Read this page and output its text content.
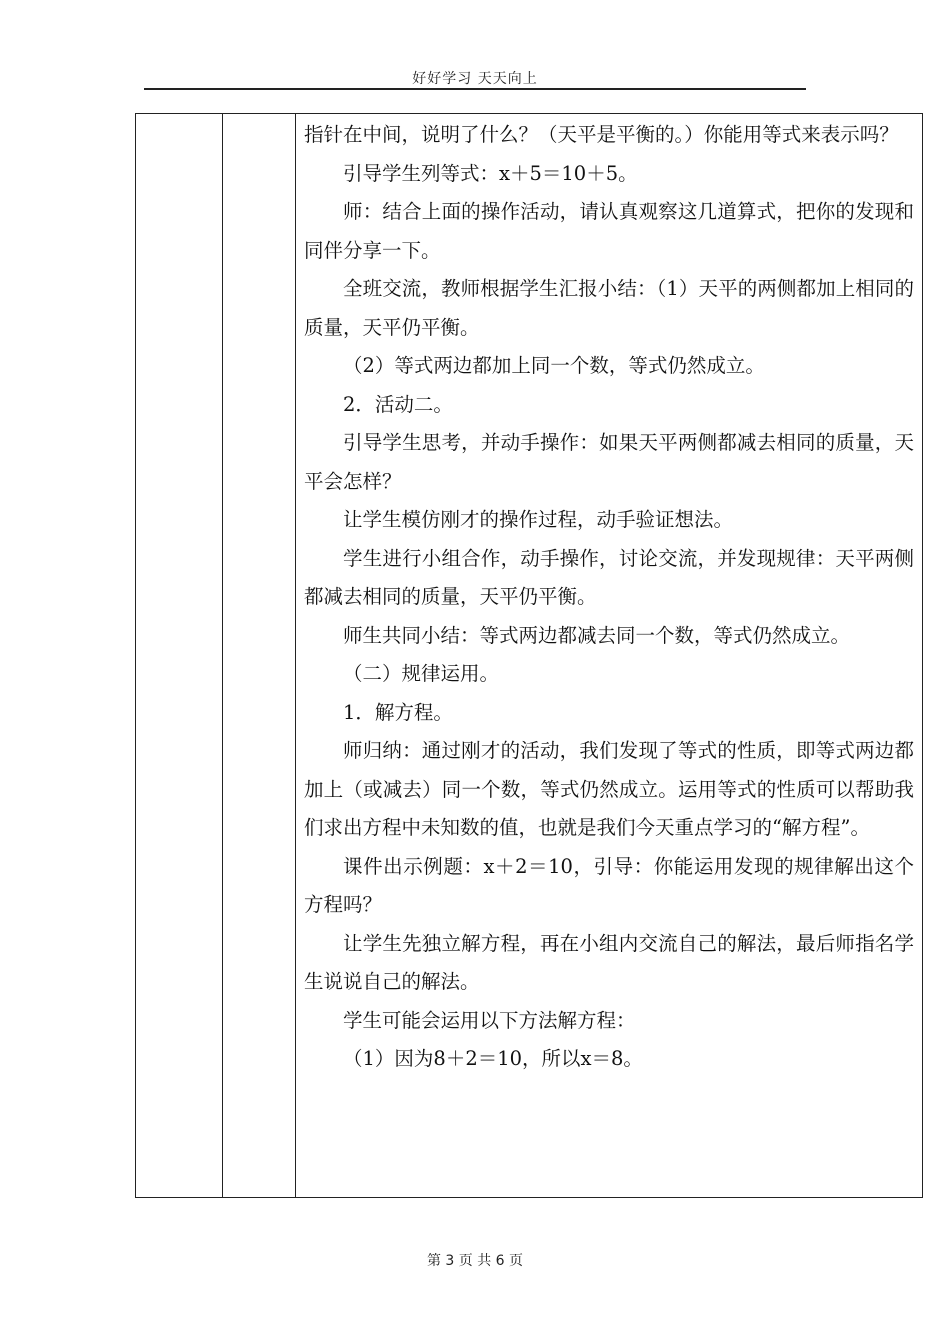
好好学习 天天向上

指针在中间，说明了什么？（天平是平衡的。）你能用等式来表示吗？

引导学生列等式：x＋5＝10＋5。

师：结合上面的操作活动，请认真观察这几道算式，把你的发现和同伴分享一下。

全班交流，教师根据学生汇报小结：（1）天平的两侧都加上相同的质量，天平仍平衡。

（2）等式两边都加上同一个数，等式仍然成立。

2．活动二。

引导学生思考，并动手操作：如果天平两侧都减去相同的质量，天平会怎样？

让学生模仿刚才的操作过程，动手验证想法。

学生进行小组合作，动手操作，讨论交流，并发现规律：天平两侧都减去相同的质量，天平仍平衡。

师生共同小结：等式两边都减去同一个数，等式仍然成立。

（二）规律运用。

1．解方程。

师归纳：通过刚才的活动，我们发现了等式的性质，即等式两边都加上（或减去）同一个数，等式仍然成立。运用等式的性质可以帮助我们求出方程中未知数的值，也就是我们今天重点学习的“解方程”。

课件出示例题：x＋2＝10，引导：你能运用发现的规律解出这个方程吗？

让学生先独立解方程，再在小组内交流自己的解法，最后师指名学生说说自己的解法。

学生可能会运用以下方法解方程：

（1）因为8＋2＝10，所以x＝8。

第 3 页 共 6 页
